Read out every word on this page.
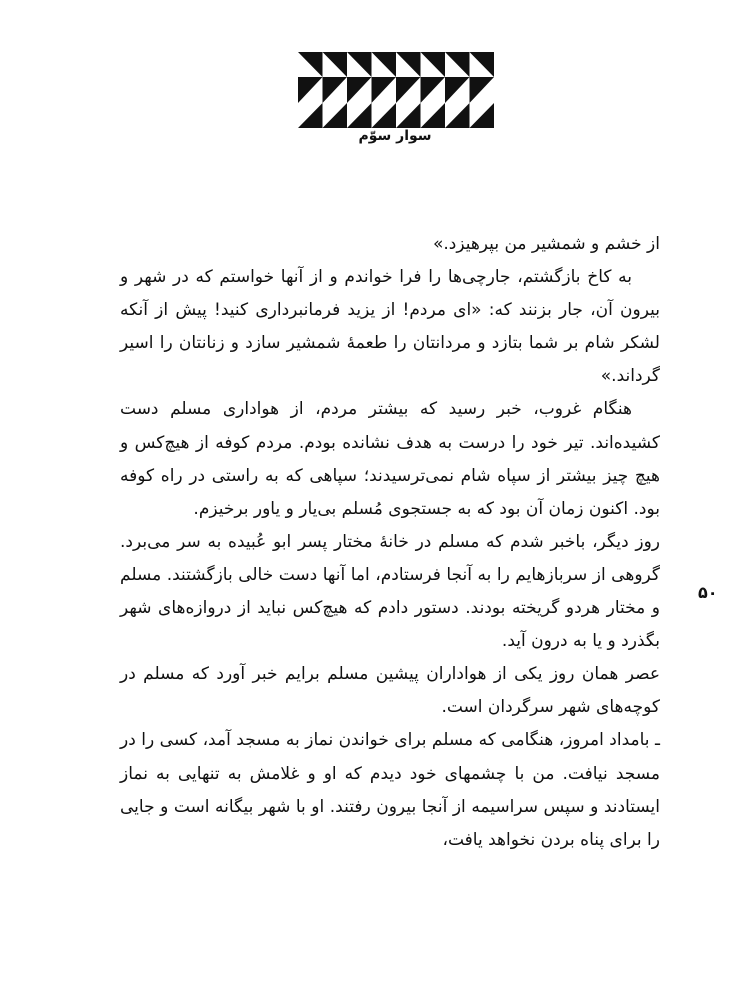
سوار سوّم

از خشم و شمشیر من بپرهیزد.»

به کاخ بازگشتم، جارچی‌ها را فرا خواندم و از آنها خواستم که در شهر و بیرون آن، جار بزنند که: «ای مردم! از یزید فرمانبرداری کنید! پیش از آنکه لشکر شام بر شما بتازد و مردانتان را طعمهٔ شمشیر سازد و زنانتان را اسیر گرداند.»

هنگام غروب، خبر رسید که بیشتر مردم، از هواداری مسلم دست کشیده‌اند. تیر خود را درست به هدف نشانده بودم. مردم کوفه از هیچ‌کس و هیچ چیز بیشتر از سپاه شام نمی‌ترسیدند؛ سپاهی که به راستی در راه کوفه بود. اکنون زمان آن بود که به جستجوی مُسلم بی‌یار و یاور برخیزم.

روز دیگر، باخبر شدم که مسلم در خانهٔ مختار پسر ابو عُبیده به سر می‌برد. گروهی از سربازهایم را به آنجا فرستادم، اما آنها دست خالی بازگشتند. مسلم و مختار هردو گریخته بودند. دستور دادم که هیچ‌کس نباید از دروازه‌های شهر بگذرد و یا به درون آید.

عصر همان روز یکی از هواداران پیشین مسلم برایم خبر آورد که مسلم در کوچه‌های شهر سرگردان است.

ـ بامداد امروز، هنگامی که مسلم برای خواندن نماز به مسجد آمد، کسی را در مسجد نیافت. من با چشمهای خود دیدم که او و غلامش به تنهایی به نماز ایستادند و سپس سراسیمه از آنجا بیرون رفتند. او با شهر بیگانه است و جایی را برای پناه بردن نخواهد یافت،

۵۰
